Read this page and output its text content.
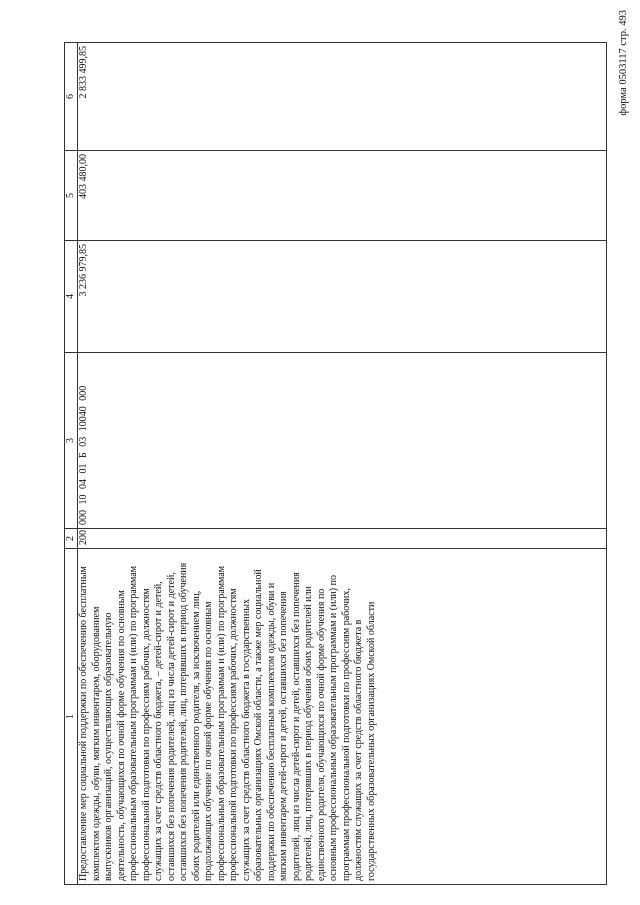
форма 0503117 стр. 493
1	2	3	4	5	6
Предоставление мер социальной поддержки по обеспечению бесплатным комплектом одежды, обуви, мягким инвентарем, оборудованием выпускников организаций, осуществляющих образовательную деятельность, обучающихся по очной форме обучения по основным профессиональным образовательным программам и (или) по программам профессиональной подготовки по профессиям рабочих, должностям служащих за счет средств областного бюджета, – детей-сирот и детей, оставшихся без попечения родителей, лиц из числа детей-сирот и детей, оставшихся без попечения родителей, лиц, потерявших в период обучения обоих родителей или единственного родителя, за исключением лиц, продолжающих обучение по очной форме обучения по основным профессиональным образовательным программам и (или) по программам профессиональной подготовки по профессиям рабочих, должностям служащих за счет средств областного бюджета в государственных образовательных организациях Омской области, а также мер социальной поддержки по обеспечению бесплатным комплектом одежды, обуви и мягким инвентарем детей-сирот и детей, оставшихся без попечения родителей, лиц из числа детей-сирот и детей, оставшихся без попечения родителей, лиц, потерявших в период обучения обоих родителей или единственного родителя, обучающихся по очной форме обучения по основным профессиональным образовательным программам и (или) по программам профессиональной подготовки по профессиям рабочих, должностям служащих за счет средств областного бюджета в государственных образовательных организациях Омской области	200	000 10 04 01 Б 03 10040 000	3 236 979,85	403 480,00	2 833 499,85
